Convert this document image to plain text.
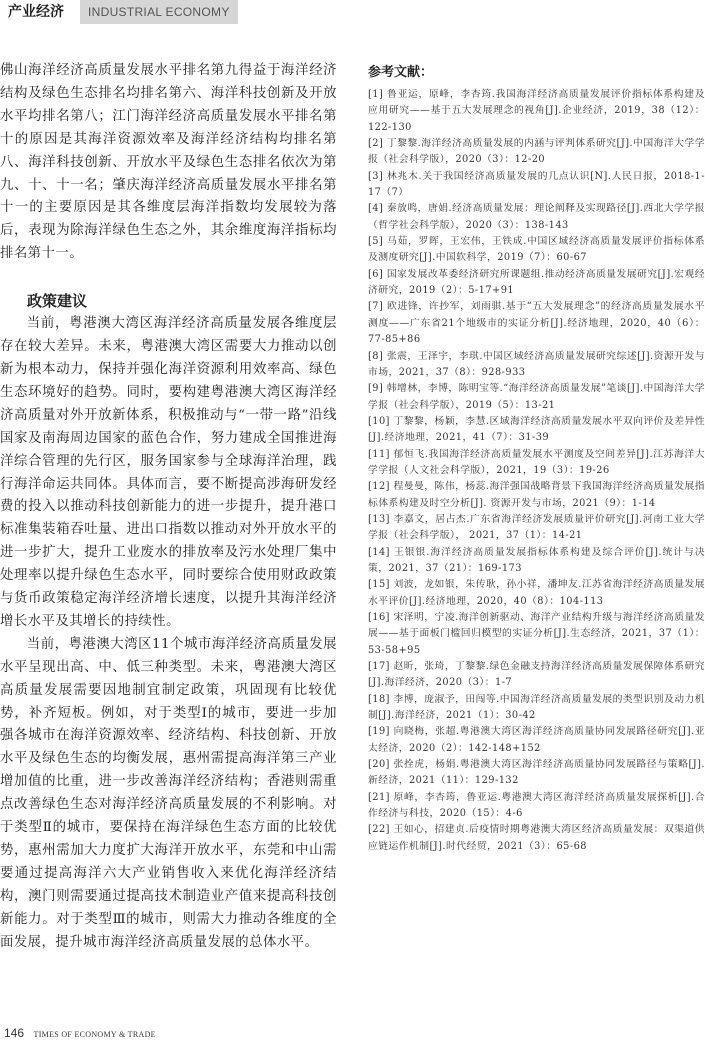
产业经济	INDUSTRIAL ECONOMY

佛山海洋经济高质量发展水平排名第九得益于海洋经济结构及绿色生态排名均排名第六、海洋科技创新及开放水平均排名第八；江门海洋经济高质量发展水平排名第十的原因是其海洋资源效率及海洋经济结构均排名第八、海洋科技创新、开放水平及绿色生态排名依次为第九、十、十一名；肇庆海洋经济高质量发展水平排名第十一的主要原因是其各维度层海洋指数均发展较为落后，表现为除海洋绿色生态之外，其余维度海洋指标均排名第十一。

政策建议

当前，粤港澳大湾区海洋经济高质量发展各维度层存在较大差异。未来，粤港澳大湾区需要大力推动以创新为根本动力，保持并强化海洋资源利用效率高、绿色生态环境好的趋势。同时，要构建粤港澳大湾区海洋经济高质量对外开放新体系，积极推动与“一带一路”沿线国家及南海周边国家的蓝色合作，努力建成全国推进海洋综合管理的先行区，服务国家参与全球海洋治理，践行海洋命运共同体。具体而言，要不断提高涉海研发经费的投入以推动科技创新能力的进一步提升，提升港口标准集装箱吞吐量、进出口指数以推动对外开放水平的进一步扩大，提升工业废水的排放率及污水处理厂集中处理率以提升绿色生态水平，同时要综合使用财政政策与货币政策稳定海洋经济增长速度，以提升其海洋经济增长水平及其增长的持续性。

当前，粤港澳大湾区11个城市海洋经济高质量发展水平呈现出高、中、低三种类型。未来，粤港澳大湾区高质量发展需要因地制宜制定政策，巩固现有比较优势，补齐短板。例如，对于类型Ⅰ的城市，要进一步加强各城市在海洋资源效率、经济结构、科技创新、开放水平及绿色生态的均衡发展，惠州需提高海洋第三产业增加值的比重，进一步改善海洋经济结构；香港则需重点改善绿色生态对海洋经济高质量发展的不利影响。对于类型Ⅱ的城市，要保持在海洋绿色生态方面的比较优势，惠州需加大力度扩大海洋开放水平，东莞和中山需要通过提高海洋六大产业销售收入来优化海洋经济结构，澳门则需要通过提高技术制造业产值来提高科技创新能力。对于类型Ⅲ的城市，则需大力推动各维度的全面发展，提升城市海洋经济高质量发展的总体水平。

参考文献：

[1] 鲁亚运，原峰，李杏筠.我国海洋经济高质量发展评价指标体系构建及应用研究——基于五大发展理念的视角[J].企业经济，2019，38（12）：122-130

[2] 丁黎黎.海洋经济高质量发展的内涵与评判体系研究[J].中国海洋大学学报（社会科学版），2020（3）：12-20

[3] 林兆木.关于我国经济高质量发展的几点认识[N].人民日报，2018-1-17（7）

[4] 秦放鸣，唐娟.经济高质量发展：理论阐释及实现路径[J].西北大学学报（哲学社会科学版），2020（3）：138-143

[5] 马茹，罗晖，王宏伟，王铁成.中国区域经济高质量发展评价指标体系及测度研究[J].中国软科学，2019（7）：60-67

[6] 国家发展改革委经济研究所课题组.推动经济高质量发展研究[J].宏观经济研究，2019（2）：5-17+91

[7] 欧进锋，许抄军，刘雨骐.基于“五大发展理念”的经济高质量发展水平测度——广东省21个地级市的实证分析[J].经济地理，2020，40（6）：77-85+86

[8] 张震，王泽宇，李琪.中国区域经济高质量发展研究综述[J].资源开发与市场，2021，37（8）：928-933

[9] 韩增林，李博，陈明宝等.“海洋经济高质量发展”笔谈[J].中国海洋大学学报（社会科学版），2019（5）：13-21

[10] 丁黎黎，杨颖，李慧.区域海洋经济高质量发展水平双向评价及差异性[J].经济地理，2021，41（7）：31-39

[11] 郁恒飞.我国海洋经济高质量发展水平测度及空间差异[J].江苏海洋大学学报（人文社会科学版），2021，19（3）：19-26

[12] 程曼曼，陈伟，杨蕊.海洋强国战略背景下我国海洋经济高质量发展指标体系构建及时空分析[J]. 资源开发与市场，2021（9）：1-14

[13] 李嘉文，居占杰.广东省海洋经济发展质量评价研究[J].河南工业大学学报（社会科学版）， 2021，37（1）：14-21

[14] 王银银.海洋经济高质量发展指标体系构建及综合评价[J].统计与决策，2021，37（21）：169-173

[15] 刘波，龙如银，朱传耿，孙小祥，潘坤友.江苏省海洋经济高质量发展水平评价[J].经济地理，2020，40（8）：104-113

[16] 宋泽明，宁凌.海洋创新驱动、海洋产业结构升级与海洋经济高质量发展——基于面板门槛回归模型的实证分析[J].生态经济，2021，37（1）：53-58+95

[17] 赵昕，张琦，丁黎黎.绿色金融支持海洋经济高质量发展保障体系研究[J].海洋经济，2020（3）：1-7

[18] 李博，庞淑予，田闯等.中国海洋经济高质量发展的类型识别及动力机制[J].海洋经济，2021（1）：30-42

[19] 向晓梅，张超.粤港澳大湾区海洋经济高质量协同发展路径研究[J].亚太经济，2020（2）：142-148+152

[20] 张拴虎，杨娟.粤港澳大湾区海洋经济高质量协同发展路径与策略[J].新经济，2021（11）：129-132

[21] 原峰，李杏筠，鲁亚运.粤港澳大湾区海洋经济高质量发展探析[J].合作经济与科技，2020（15）：4-6

[22] 王如心，招建贞.后疫情时期粤港澳大湾区经济高质量发展：双渠道供应链运作机制[J].时代经贸，2021（3）：65-68

146 TIMES OF ECONOMY & TRADE
